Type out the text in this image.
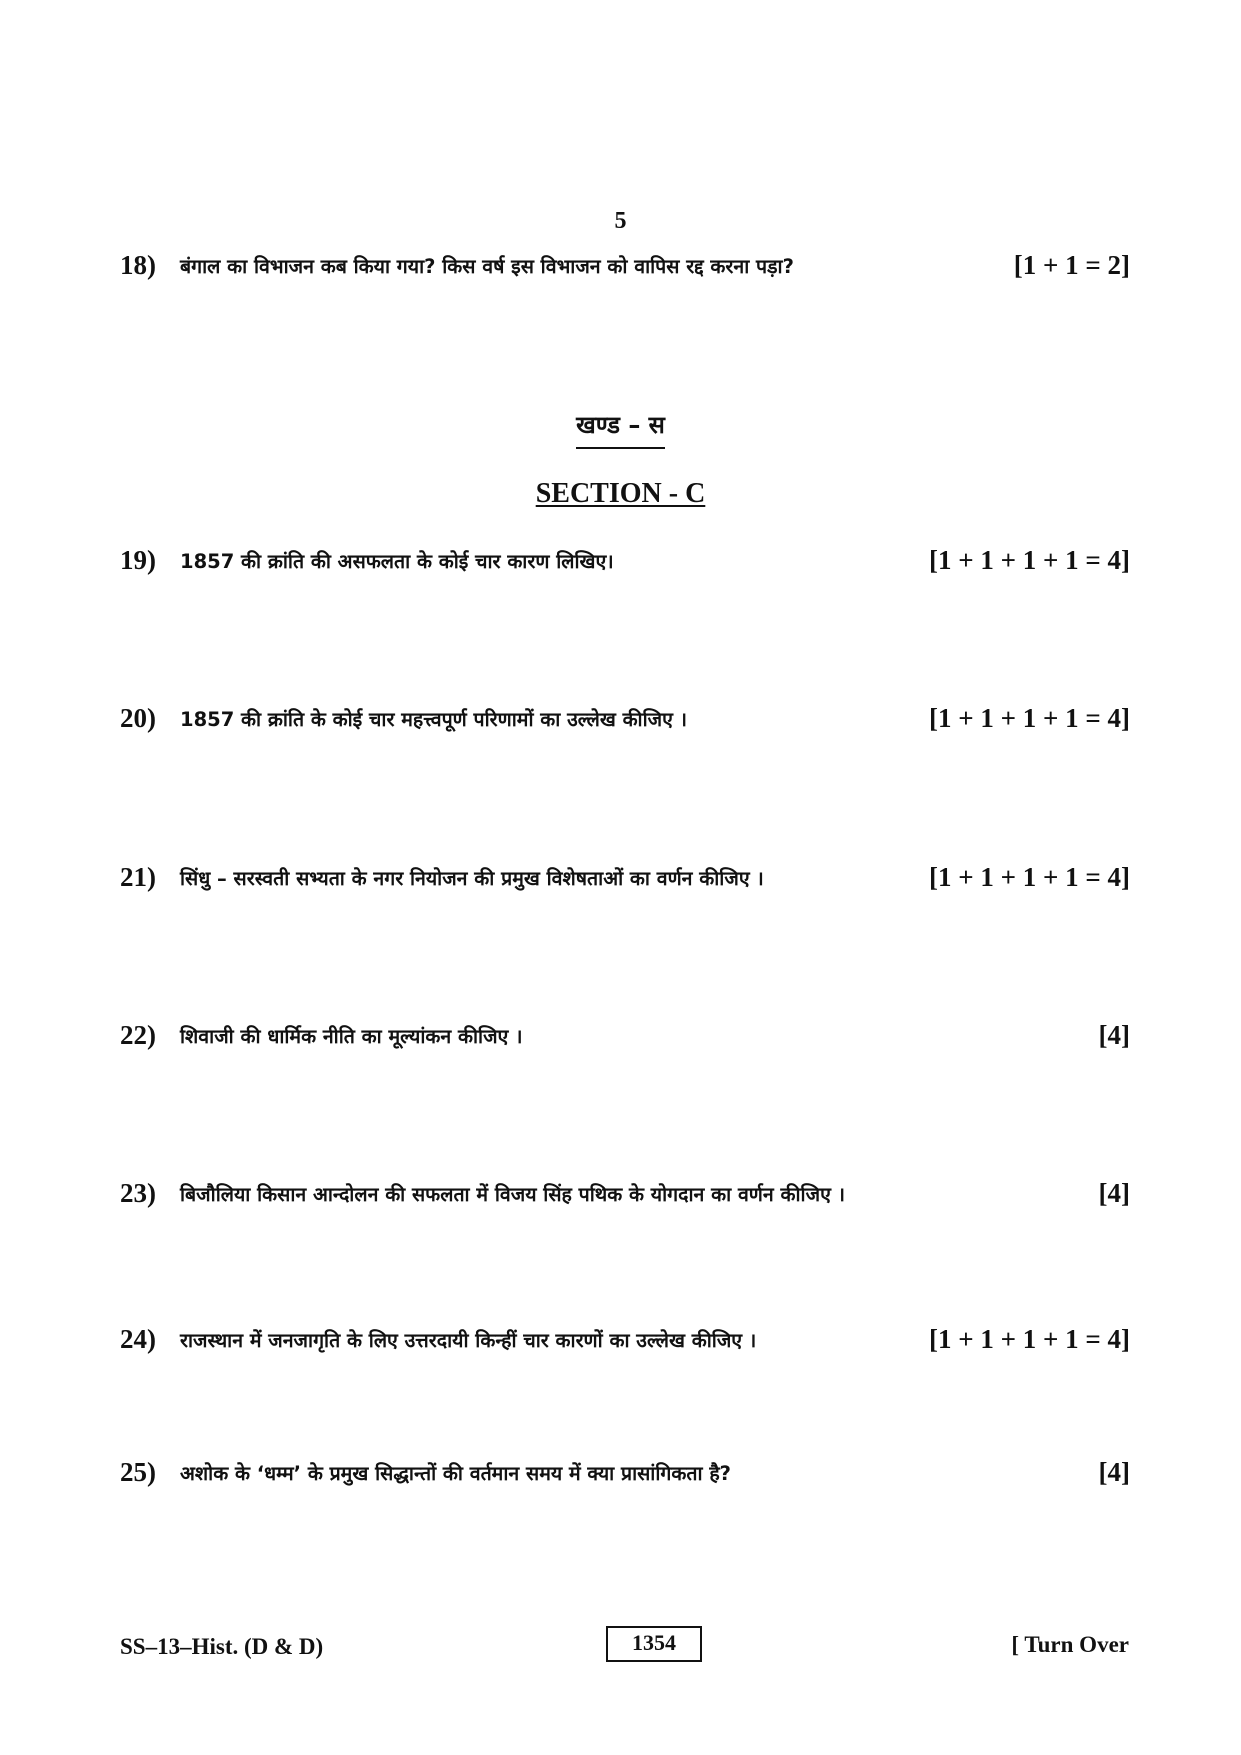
5
18) बंगाल का विभाजन कब किया गया? किस वर्ष इस विभाजन को वापिस रद्द करना पड़ा?	[1 + 1 = 2]
खण्ड – स
SECTION - C
19) 1857 की क्रांति की असफलता के कोई चार कारण लिखिए।	[1 + 1 + 1 + 1 = 4]
20) 1857 की क्रांति के कोई चार महत्त्वपूर्ण परिणामों का उल्लेख कीजिए ।	[1 + 1 + 1 + 1 = 4]
21) सिंधु – सरस्वती सभ्यता के नगर नियोजन की प्रमुख विशेषताओं का वर्णन कीजिए ।	[1 + 1 + 1 + 1 = 4]
22) शिवाजी की धार्मिक नीति का मूल्यांकन कीजिए ।	[4]
23) बिजौलिया किसान आन्दोलन की सफलता में विजय सिंह पथिक के योगदान का वर्णन कीजिए ।	[4]
24) राजस्थान में जनजागृति के लिए उत्तरदायी किन्हीं चार कारणों का उल्लेख कीजिए ।	[1 + 1 + 1 + 1 = 4]
25) अशोक के ‘धम्म’ के प्रमुख सिद्धान्तों की वर्तमान समय में क्या प्रासांगिकता है?	[4]
SS–13–Hist. (D & D)	1354	[ Turn Over
